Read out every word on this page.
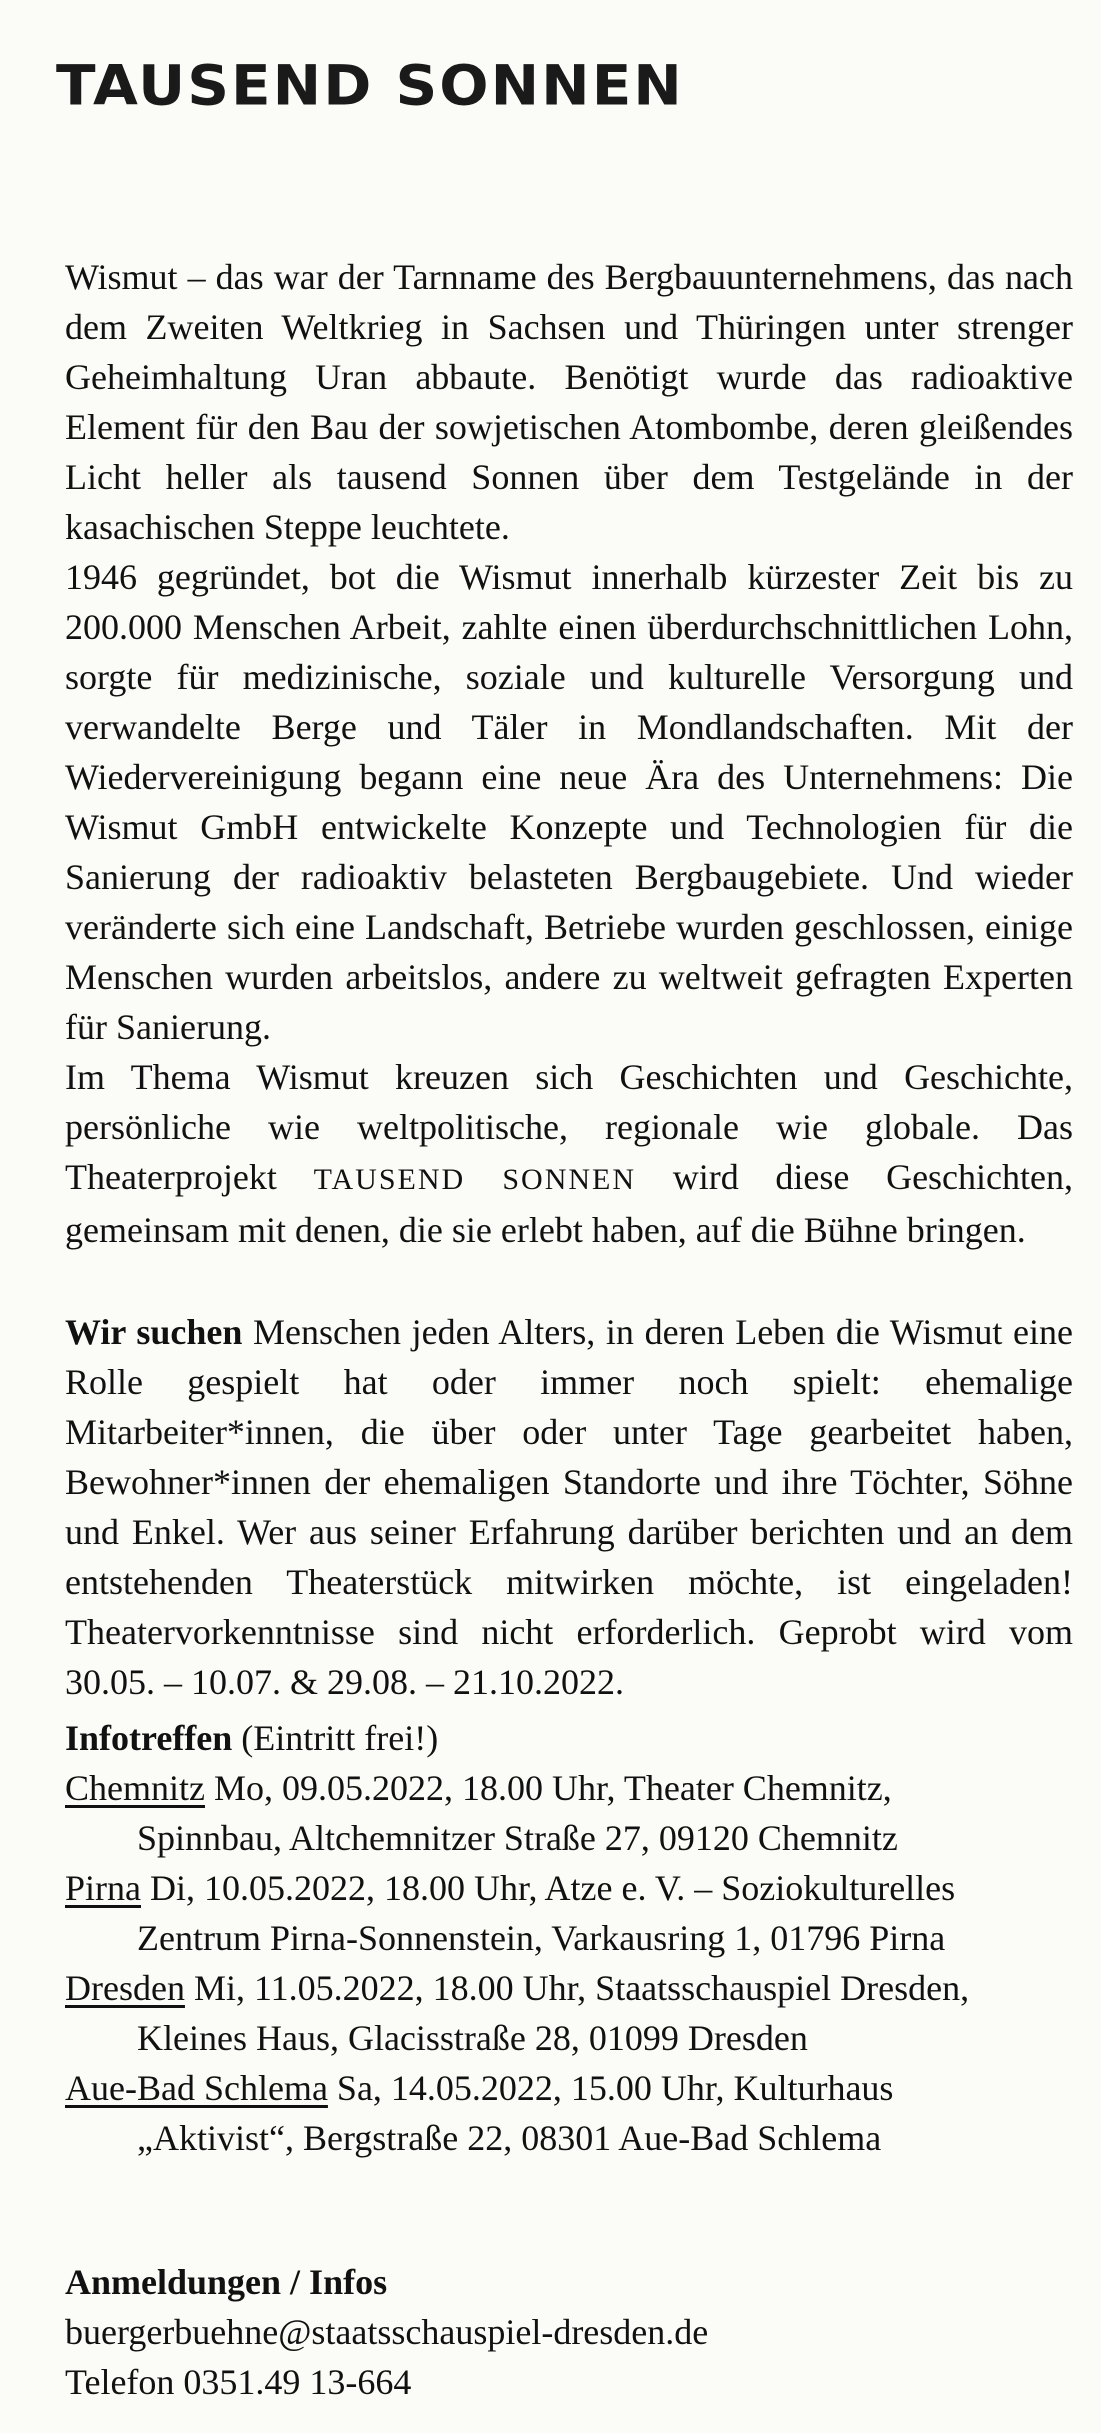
TAUSEND SONNEN

Wismut – das war der Tarnname des Bergbauunternehmens, das nach dem Zweiten Weltkrieg in Sachsen und Thüringen unter strenger Geheimhaltung Uran abbaute. Benötigt wurde das radioaktive Element für den Bau der sowjetischen Atombombe, deren gleißendes Licht heller als tausend Sonnen über dem Testgelände in der kasachischen Steppe leuchtete.

1946 gegründet, bot die Wismut innerhalb kürzester Zeit bis zu 200.000 Menschen Arbeit, zahlte einen überdurchschnittlichen Lohn, sorgte für medizinische, soziale und kulturelle Versorgung und verwandelte Berge und Täler in Mondlandschaften. Mit der Wiedervereinigung begann eine neue Ära des Unternehmens: Die Wismut GmbH entwickelte Konzepte und Technologien für die Sanierung der radioaktiv belasteten Bergbaugebiete. Und wieder veränderte sich eine Landschaft, Betriebe wurden geschlossen, einige Menschen wurden arbeitslos, andere zu weltweit gefragten Experten für Sanierung.

Im Thema Wismut kreuzen sich Geschichten und Geschichte, persönliche wie weltpolitische, regionale wie globale. Das Theaterprojekt TAUSEND SONNEN wird diese Geschichten, gemeinsam mit denen, die sie erlebt haben, auf die Bühne bringen.

Wir suchen Menschen jeden Alters, in deren Leben die Wismut eine Rolle gespielt hat oder immer noch spielt: ehemalige Mitarbeiter*innen, die über oder unter Tage gearbeitet haben, Bewohner*innen der ehemaligen Standorte und ihre Töchter, Söhne und Enkel. Wer aus seiner Erfahrung darüber berichten und an dem entstehenden Theaterstück mitwirken möchte, ist eingeladen! Theatervorkenntnisse sind nicht erforderlich. Geprobt wird vom 30.05. – 10.07. & 29.08. – 21.10.2022.

Infotreffen (Eintritt frei!)

Chemnitz Mo, 09.05.2022, 18.00 Uhr, Theater Chemnitz,
Spinnbau, Altchemnitzer Straße 27, 09120 Chemnitz
Pirna Di, 10.05.2022, 18.00 Uhr, Atze e. V. – Soziokulturelles
Zentrum Pirna-Sonnenstein, Varkausring 1, 01796 Pirna
Dresden Mi, 11.05.2022, 18.00 Uhr, Staatsschauspiel Dresden,
Kleines Haus, Glacisstraße 28, 01099 Dresden
Aue-Bad Schlema Sa, 14.05.2022, 15.00 Uhr, Kulturhaus
„Aktivist“, Bergstraße 22, 08301 Aue-Bad Schlema

Anmeldungen / Infos

buergerbuehne@staatsschauspiel-dresden.de

Telefon 0351.49 13-664
